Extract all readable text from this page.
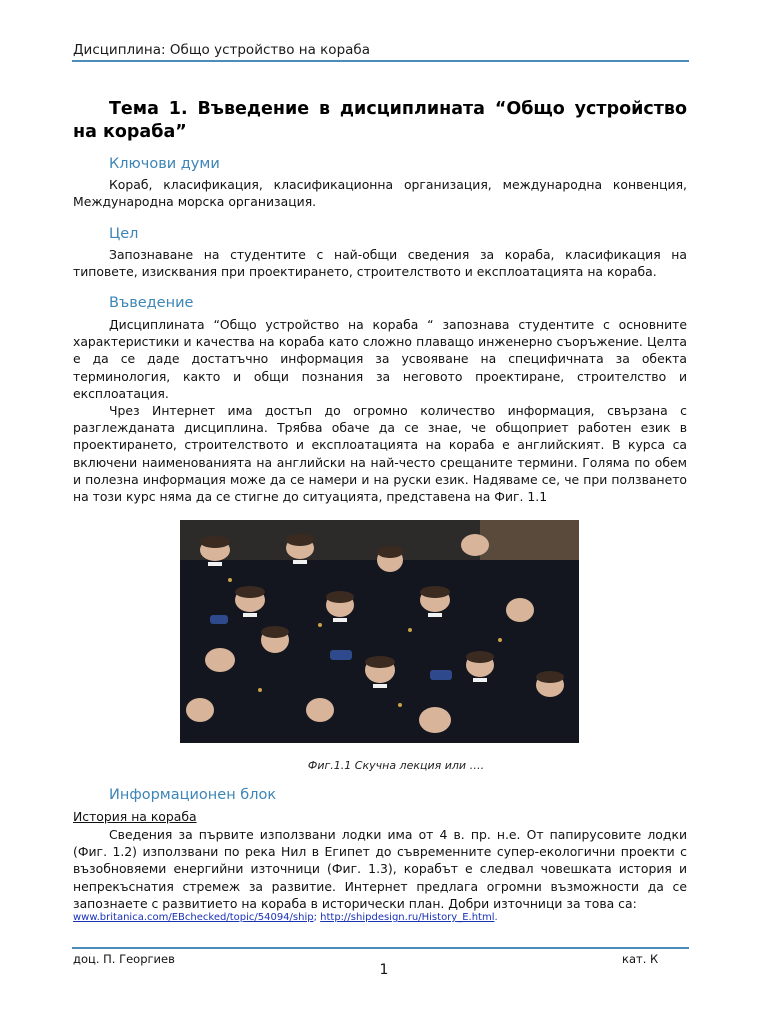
Дисциплина: Общо устройство на кораба
Тема 1. Въведение в дисциплината “Общо устройство на кораба”
Ключови думи

Кораб, класификация, класификационна организация, международна конвенция, Международна морска организация.

Цел

Запознаване на студентите с най-общи сведения за кораба, класификация на типовете, изисквания при проектирането, строителството и експлоатацията на кораба.

Въведение

Дисциплината “Общо устройство на кораба “ запознава студентите с основните характеристики и качества на кораба като сложно плаващо инженерно съоръжение. Целта е да се даде достатъчно информация за усвояване на специфичната за обекта терминология, както и общи познания за неговото проектиране, строителство и експлоатация.

Чрез Интернет има достъп до огромно количество информация, свързана с разглежданата дисциплина. Трябва обаче да се знае, че общоприет работен език в проектирането, строителството и експлоатацията на кораба е английският. В курса са включени наименованията на английски на най-често срещаните термини. Голяма по обем и полезна информация може да се намери и на руски език. Надяваме се, че при ползването на този курс няма да се стигне до ситуацията, представена на Фиг. 1.1

Фиг.1.1 Скучна лекция или ….
Информационен блок
История на кораба

Сведения за първите използвани лодки има от 4 в. пр. н.е. От папирусовите лодки (Фиг. 1.2) използвани по река Нил в Египет до съвременните супер-екологични проекти с възобновяеми енергийни източници (Фиг. 1.3), корабът е следвал човешката история и непрекъснатия стремеж за развитие. Интернет предлага огромни възможности да се запознаете с развитието на кораба в исторически план. Добри източници за това са:

www.britanica.com/EBchecked/topic/54094/ship; http://shipdesign.ru/History_E.html.
доц. П. Георгиев	кат. К
1
